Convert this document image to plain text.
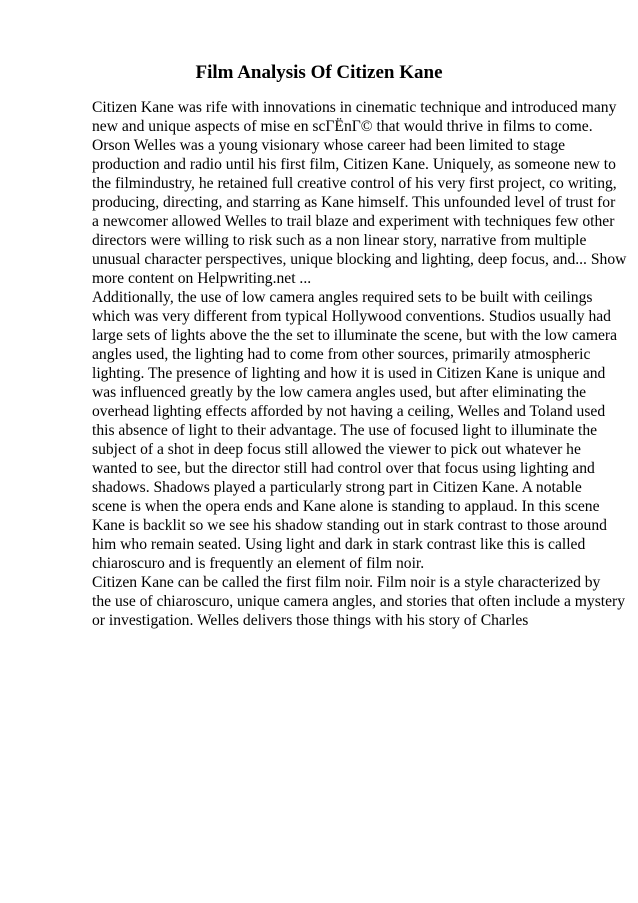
Film Analysis Of Citizen Kane
Citizen Kane was rife with innovations in cinematic technique and introduced many
new and unique aspects of mise en scГЁnГ© that would thrive in films to come.
Orson Welles was a young visionary whose career had been limited to stage
production and radio until his first film, Citizen Kane. Uniquely, as someone new to
the filmindustry, he retained full creative control of his very first project, co writing,
producing, directing, and starring as Kane himself. This unfounded level of trust for
a newcomer allowed Welles to trail blaze and experiment with techniques few other
directors were willing to risk such as a non linear story, narrative from multiple
unusual character perspectives, unique blocking and lighting, deep focus, and... Show
more content on Helpwriting.net ...
Additionally, the use of low camera angles required sets to be built with ceilings
which was very different from typical Hollywood conventions. Studios usually had
large sets of lights above the the set to illuminate the scene, but with the low camera
angles used, the lighting had to come from other sources, primarily atmospheric
lighting. The presence of lighting and how it is used in Citizen Kane is unique and
was influenced greatly by the low camera angles used, but after eliminating the
overhead lighting effects afforded by not having a ceiling, Welles and Toland used
this absence of light to their advantage. The use of focused light to illuminate the
subject of a shot in deep focus still allowed the viewer to pick out whatever he
wanted to see, but the director still had control over that focus using lighting and
shadows. Shadows played a particularly strong part in Citizen Kane. A notable
scene is when the opera ends and Kane alone is standing to applaud. In this scene
Kane is backlit so we see his shadow standing out in stark contrast to those around
him who remain seated. Using light and dark in stark contrast like this is called
chiaroscuro and is frequently an element of film noir.
Citizen Kane can be called the first film noir. Film noir is a style characterized by
the use of chiaroscuro, unique camera angles, and stories that often include a mystery
or investigation. Welles delivers those things with his story of Charles
